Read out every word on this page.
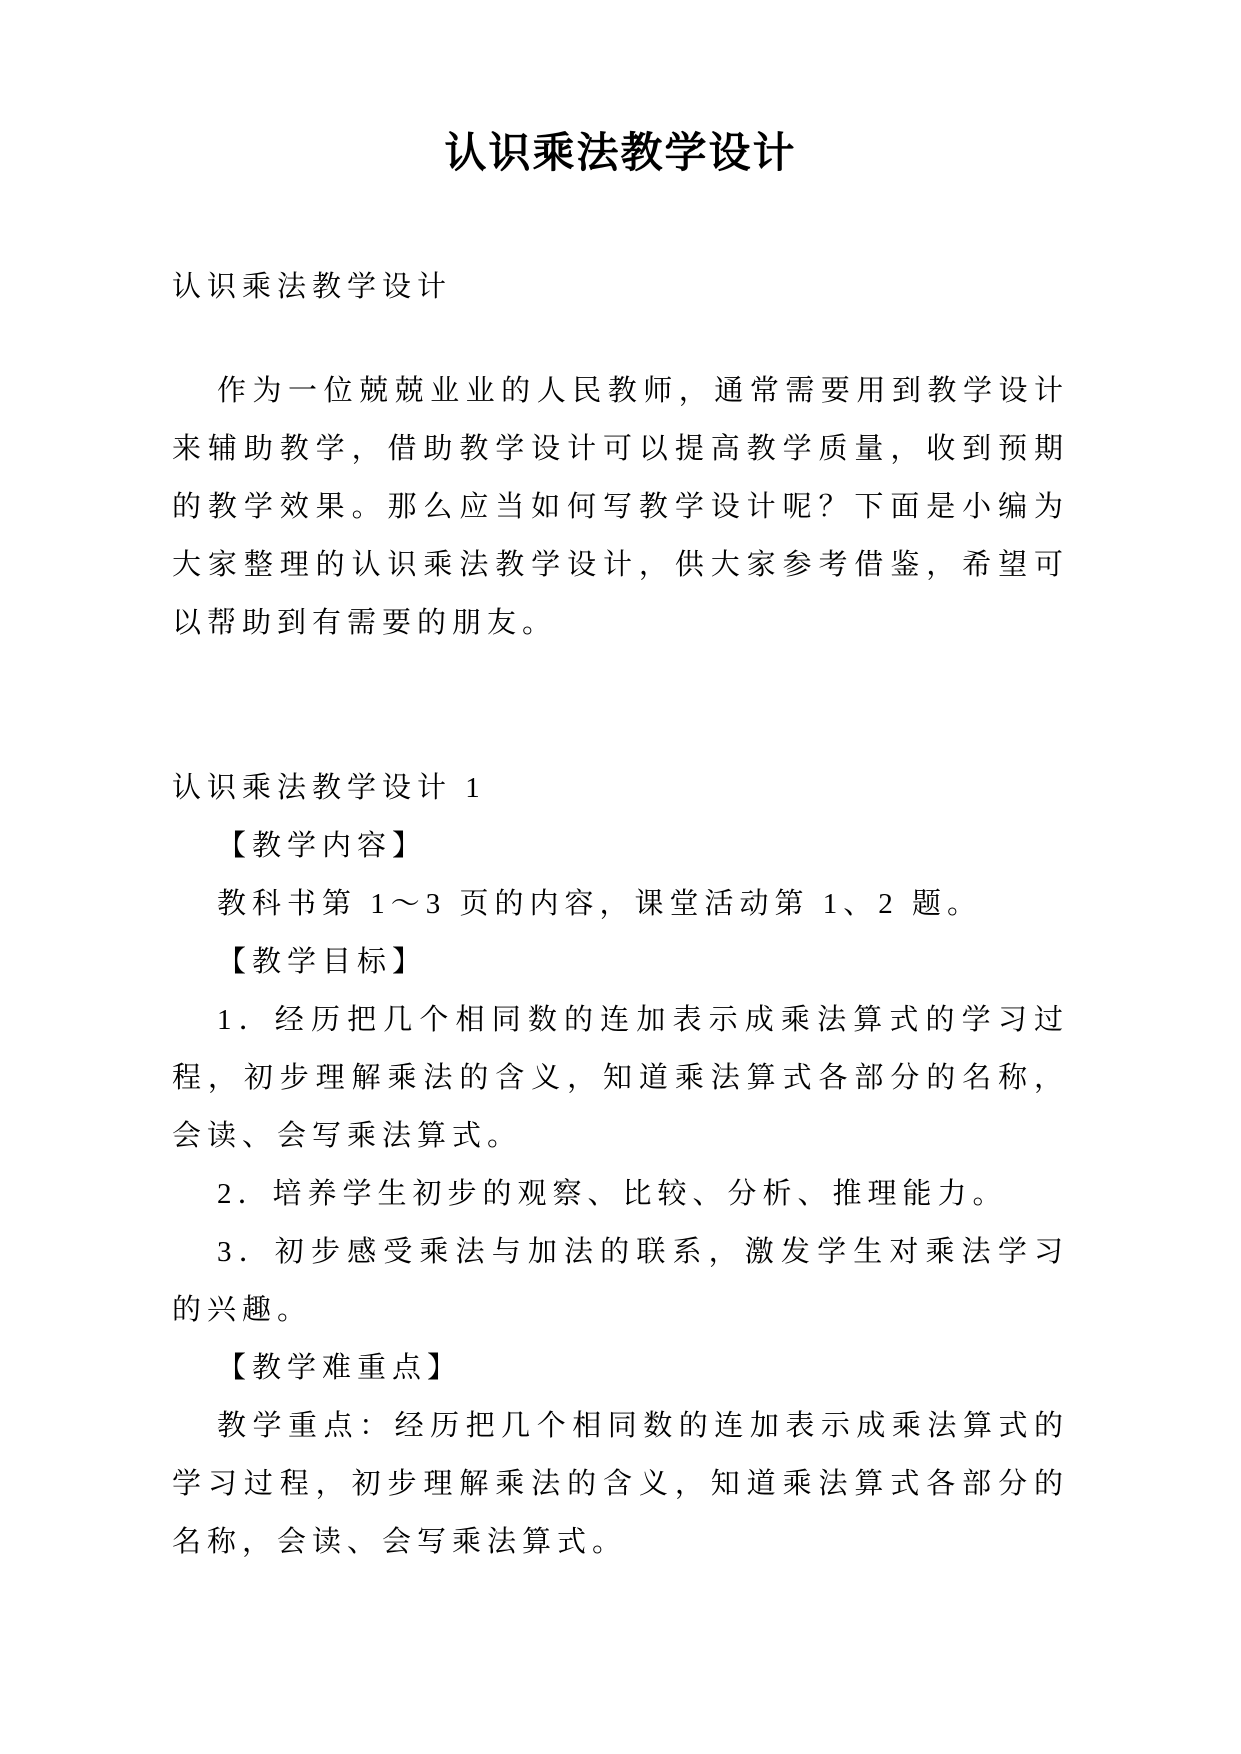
认识乘法教学设计

认识乘法教学设计

作为一位兢兢业业的人民教师，通常需要用到教学设计来辅助教学，借助教学设计可以提高教学质量，收到预期的教学效果。那么应当如何写教学设计呢？下面是小编为大家整理的认识乘法教学设计，供大家参考借鉴，希望可以帮助到有需要的朋友。

认识乘法教学设计 1

【教学内容】

教科书第 1～3 页的内容，课堂活动第 1、2 题。

【教学目标】

1．经历把几个相同数的连加表示成乘法算式的学习过程，初步理解乘法的含义，知道乘法算式各部分的名称，会读、会写乘法算式。

2．培养学生初步的观察、比较、分析、推理能力。

3．初步感受乘法与加法的联系，激发学生对乘法学习的兴趣。

【教学难重点】

教学重点：经历把几个相同数的连加表示成乘法算式的学习过程，初步理解乘法的含义，知道乘法算式各部分的名称，会读、会写乘法算式。
